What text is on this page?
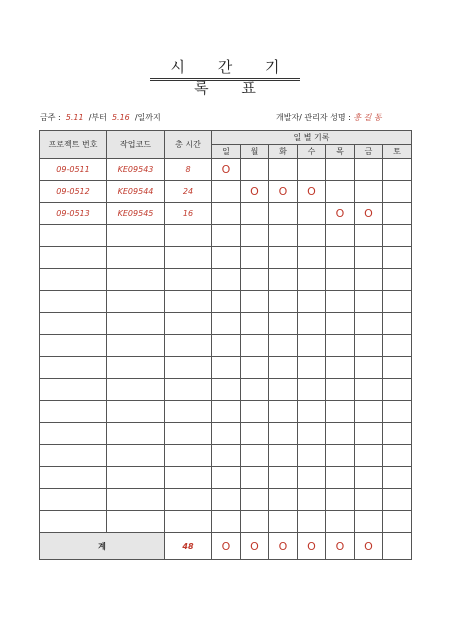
시 간 기 록 표
금주 : 5.11 /부터 5.16 /일까지	개발자/ 관리자 성명 : 홍 길 동
프로젝트 번호	작업코드	총 시간	일 별 기록						
			일	월	화	수	목	금	토
09-0511	KE09543	8	O						
09-0512	KE09544	24		O	O	O			
09-0513	KE09545	16					O	O	

계		48	O	O	O	O	O	O	
